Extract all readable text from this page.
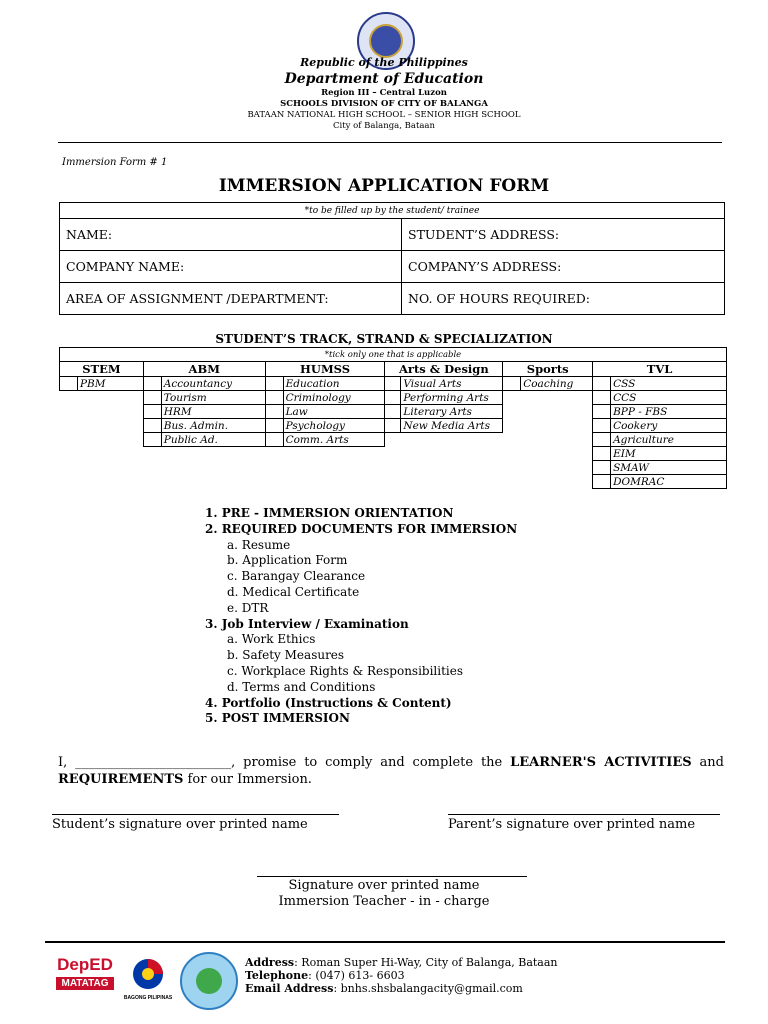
Republic of the Philippines
Department of Education
Region III – Central Luzon
SCHOOLS DIVISION OF CITY OF BALANGA
BATAAN NATIONAL HIGH SCHOOL – SENIOR HIGH SCHOOL
City of Balanga, Bataan
Immersion Form # 1
IMMERSION APPLICATION FORM
*to be filled up by the student/ trainee	
NAME:	STUDENT’S ADDRESS:
COMPANY NAME:	COMPANY’S ADDRESS:
AREA OF ASSIGNMENT /DEPARTMENT:	NO. OF HOURS REQUIRED:
STUDENT’S TRACK, STRAND & SPECIALIZATION
*tick only one that is applicable											
STEM		ABM		HUMSS		Arts & Design		Sports		TVL	
	PBM		Accountancy		Education		Visual Arts		Coaching		CSS
			Tourism		Criminology		Performing Arts				CCS
			HRM		Law		Literary Arts				BPP - FBS
			Bus. Admin.		Psychology		New Media Arts				Cookery
			Public Ad.		Comm. Arts						Agriculture
											EIM
											SMAW
											DOMRAC
1. PRE - IMMERSION ORIENTATION
2. REQUIRED DOCUMENTS FOR IMMERSION
a. Resume
b. Application Form
c. Barangay Clearance
d. Medical Certificate
e. DTR
3. Job Interview / Examination
a. Work Ethics
b. Safety Measures
c. Workplace Rights & Responsibilities
d. Terms and Conditions
4. Portfolio (Instructions & Content)
5. POST IMMERSION
I, ________________________, promise to comply and complete the LEARNER'S ACTIVITIES and REQUIREMENTS for our Immersion.
Student’s signature over printed name	Parent’s signature over printed name
Signature over printed name
Immersion Teacher - in - charge
DepED
MATATAG
BAGONG PILIPINAS
Address: Roman Super Hi-Way, City of Balanga, Bataan
Telephone: (047) 613- 6603
Email Address: bnhs.shsbalangacity@gmail.com
